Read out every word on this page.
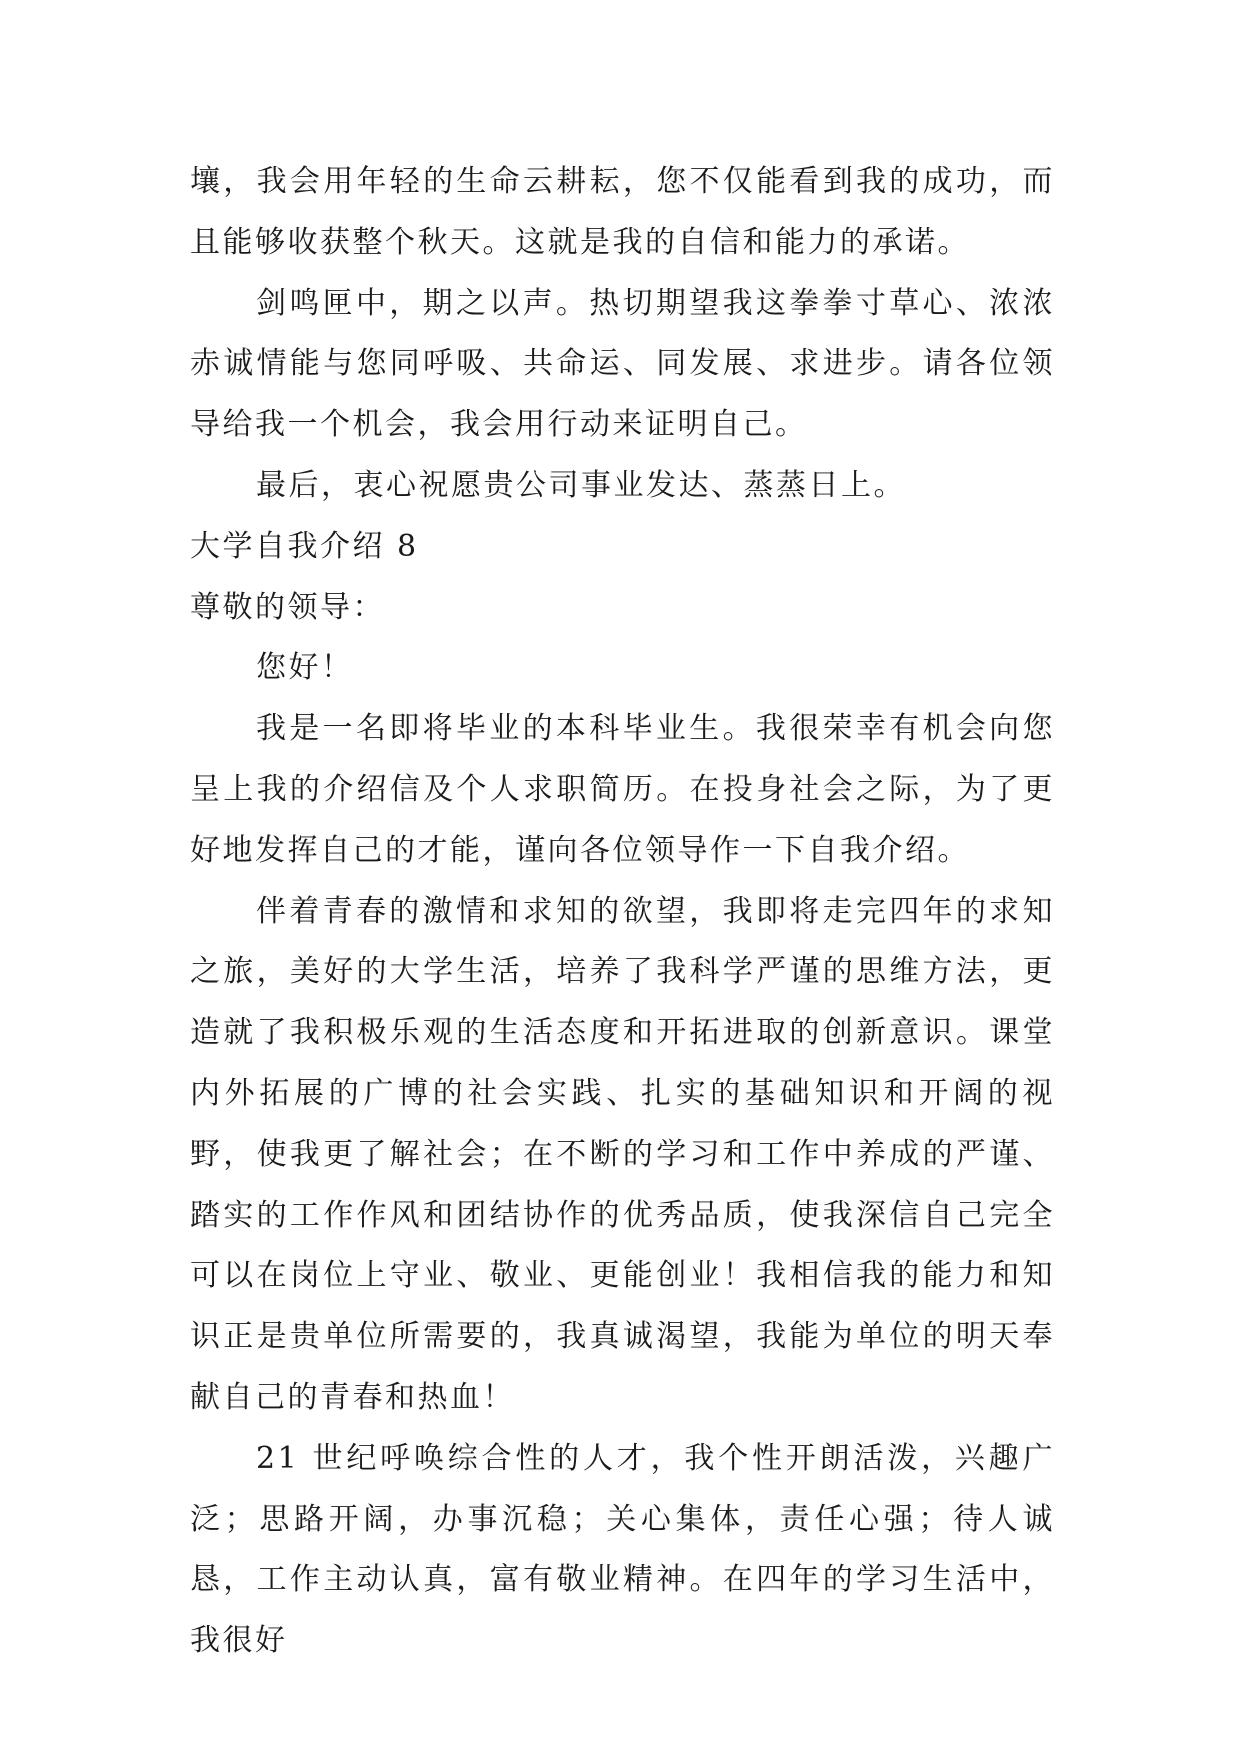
壤，我会用年轻的生命云耕耘，您不仅能看到我的成功，而且能够收获整个秋天。这就是我的自信和能力的承诺。

剑鸣匣中，期之以声。热切期望我这拳拳寸草心、浓浓赤诚情能与您同呼吸、共命运、同发展、求进步。请各位领导给我一个机会，我会用行动来证明自己。

最后，衷心祝愿贵公司事业发达、蒸蒸日上。

大学自我介绍 8

尊敬的领导：

您好！

我是一名即将毕业的本科毕业生。我很荣幸有机会向您呈上我的介绍信及个人求职简历。在投身社会之际，为了更好地发挥自己的才能，谨向各位领导作一下自我介绍。

伴着青春的激情和求知的欲望，我即将走完四年的求知之旅，美好的大学生活，培养了我科学严谨的思维方法，更造就了我积极乐观的生活态度和开拓进取的创新意识。课堂内外拓展的广博的社会实践、扎实的基础知识和开阔的视野，使我更了解社会；在不断的学习和工作中养成的严谨、踏实的工作作风和团结协作的优秀品质，使我深信自己完全可以在岗位上守业、敬业、更能创业！我相信我的能力和知识正是贵单位所需要的，我真诚渴望，我能为单位的明天奉献自己的青春和热血！

21 世纪呼唤综合性的人才，我个性开朗活泼，兴趣广泛；思路开阔，办事沉稳；关心集体，责任心强；待人诚恳，工作主动认真，富有敬业精神。在四年的学习生活中，我很好
